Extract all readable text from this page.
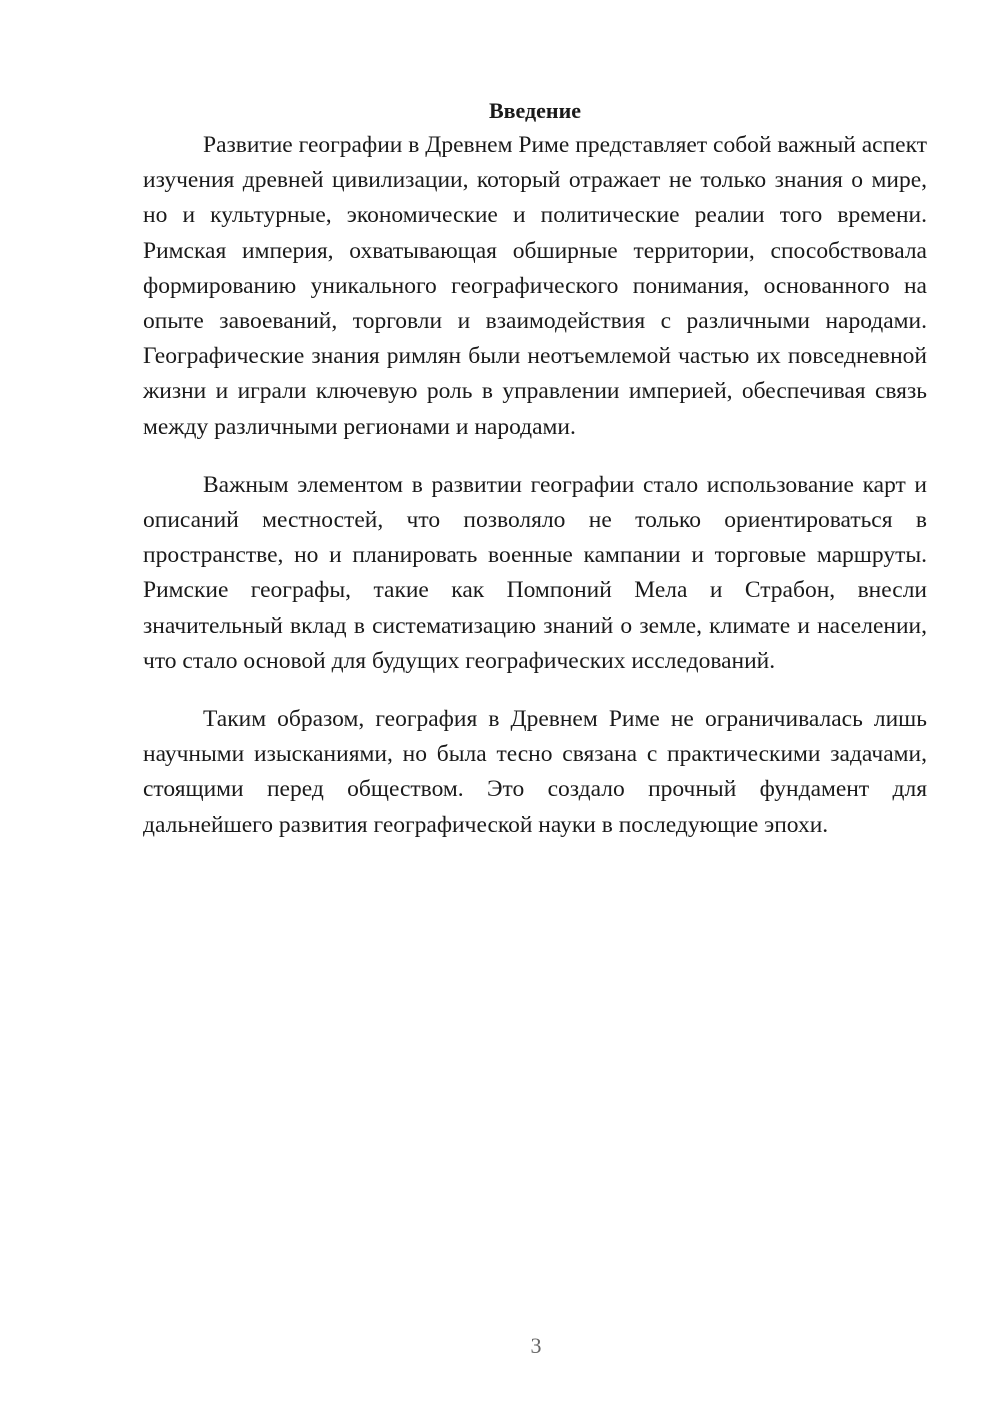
Введение

Развитие географии в Древнем Риме представляет собой важный аспект изучения древней цивилизации, который отражает не только знания о мире, но и культурные, экономические и политические реалии того времени. Римская империя, охватывающая обширные территории, способствовала формированию уникального географического понимания, основанного на опыте завоеваний, торговли и взаимодействия с различными народами. Географические знания римлян были неотъемлемой частью их повседневной жизни и играли ключевую роль в управлении империей, обеспечивая связь между различными регионами и народами.

Важным элементом в развитии географии стало использование карт и описаний местностей, что позволяло не только ориентироваться в пространстве, но и планировать военные кампании и торговые маршруты. Римские географы, такие как Помпоний Мела и Страбон, внесли значительный вклад в систематизацию знаний о земле, климате и населении, что стало основой для будущих географических исследований.

Таким образом, география в Древнем Риме не ограничивалась лишь научными изысканиями, но была тесно связана с практическими задачами, стоящими перед обществом. Это создало прочный фундамент для дальнейшего развития географической науки в последующие эпохи.

3
